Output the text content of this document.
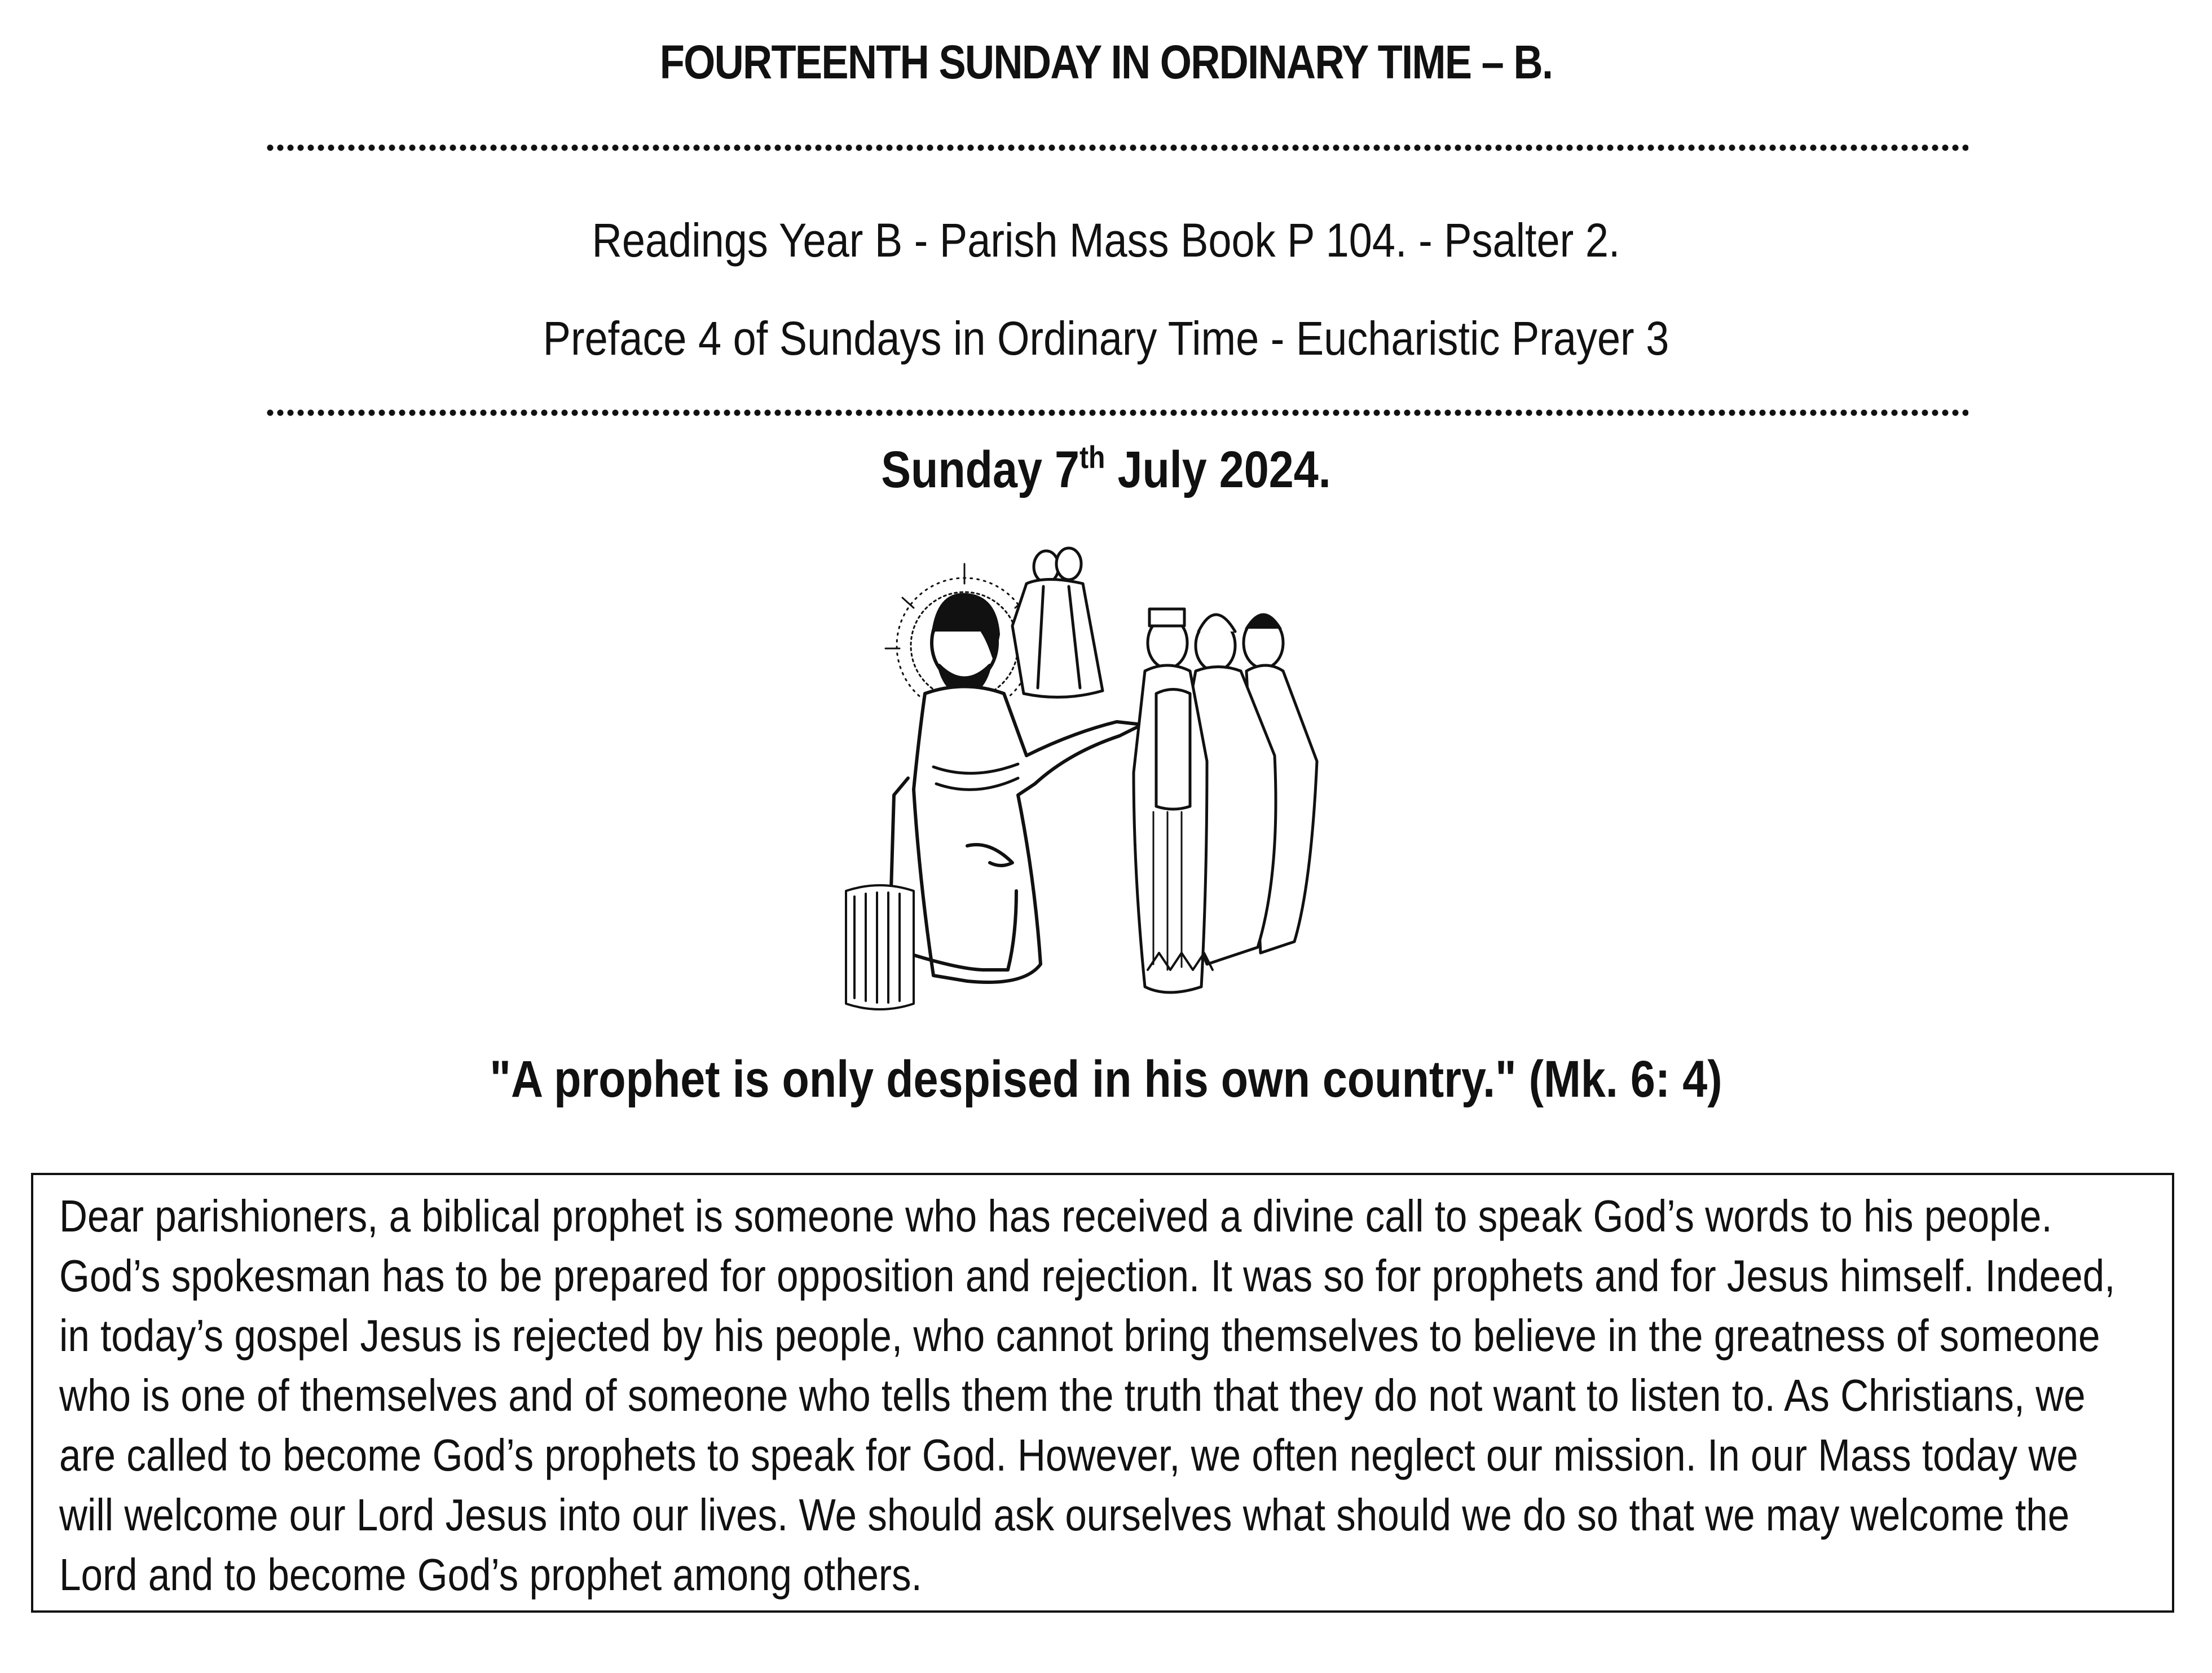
FOURTEENTH SUNDAY IN ORDINARY TIME – B.
Readings Year B - Parish Mass Book P 104. - Psalter 2.
Preface 4 of Sundays in Ordinary Time - Eucharistic Prayer 3
Sunday 7th July 2024.
"A prophet is only despised in his own country." (Mk. 6: 4)

Dear parishioners, a biblical prophet is someone who has received a divine call to speak God’s words to his people. God’s spokesman has to be prepared for opposition and rejection. It was so for prophets and for Jesus himself. Indeed, in today’s gospel Jesus is rejected by his people, who cannot bring themselves to believe in the greatness of someone who is one of themselves and of someone who tells them the truth that they do not want to listen to. As Christians, we are called to become God’s prophets to speak for God. However, we often neglect our mission. In our Mass today we will welcome our Lord Jesus into our lives. We should ask ourselves what should we do so that we may welcome the Lord and to become God’s prophet among others.
